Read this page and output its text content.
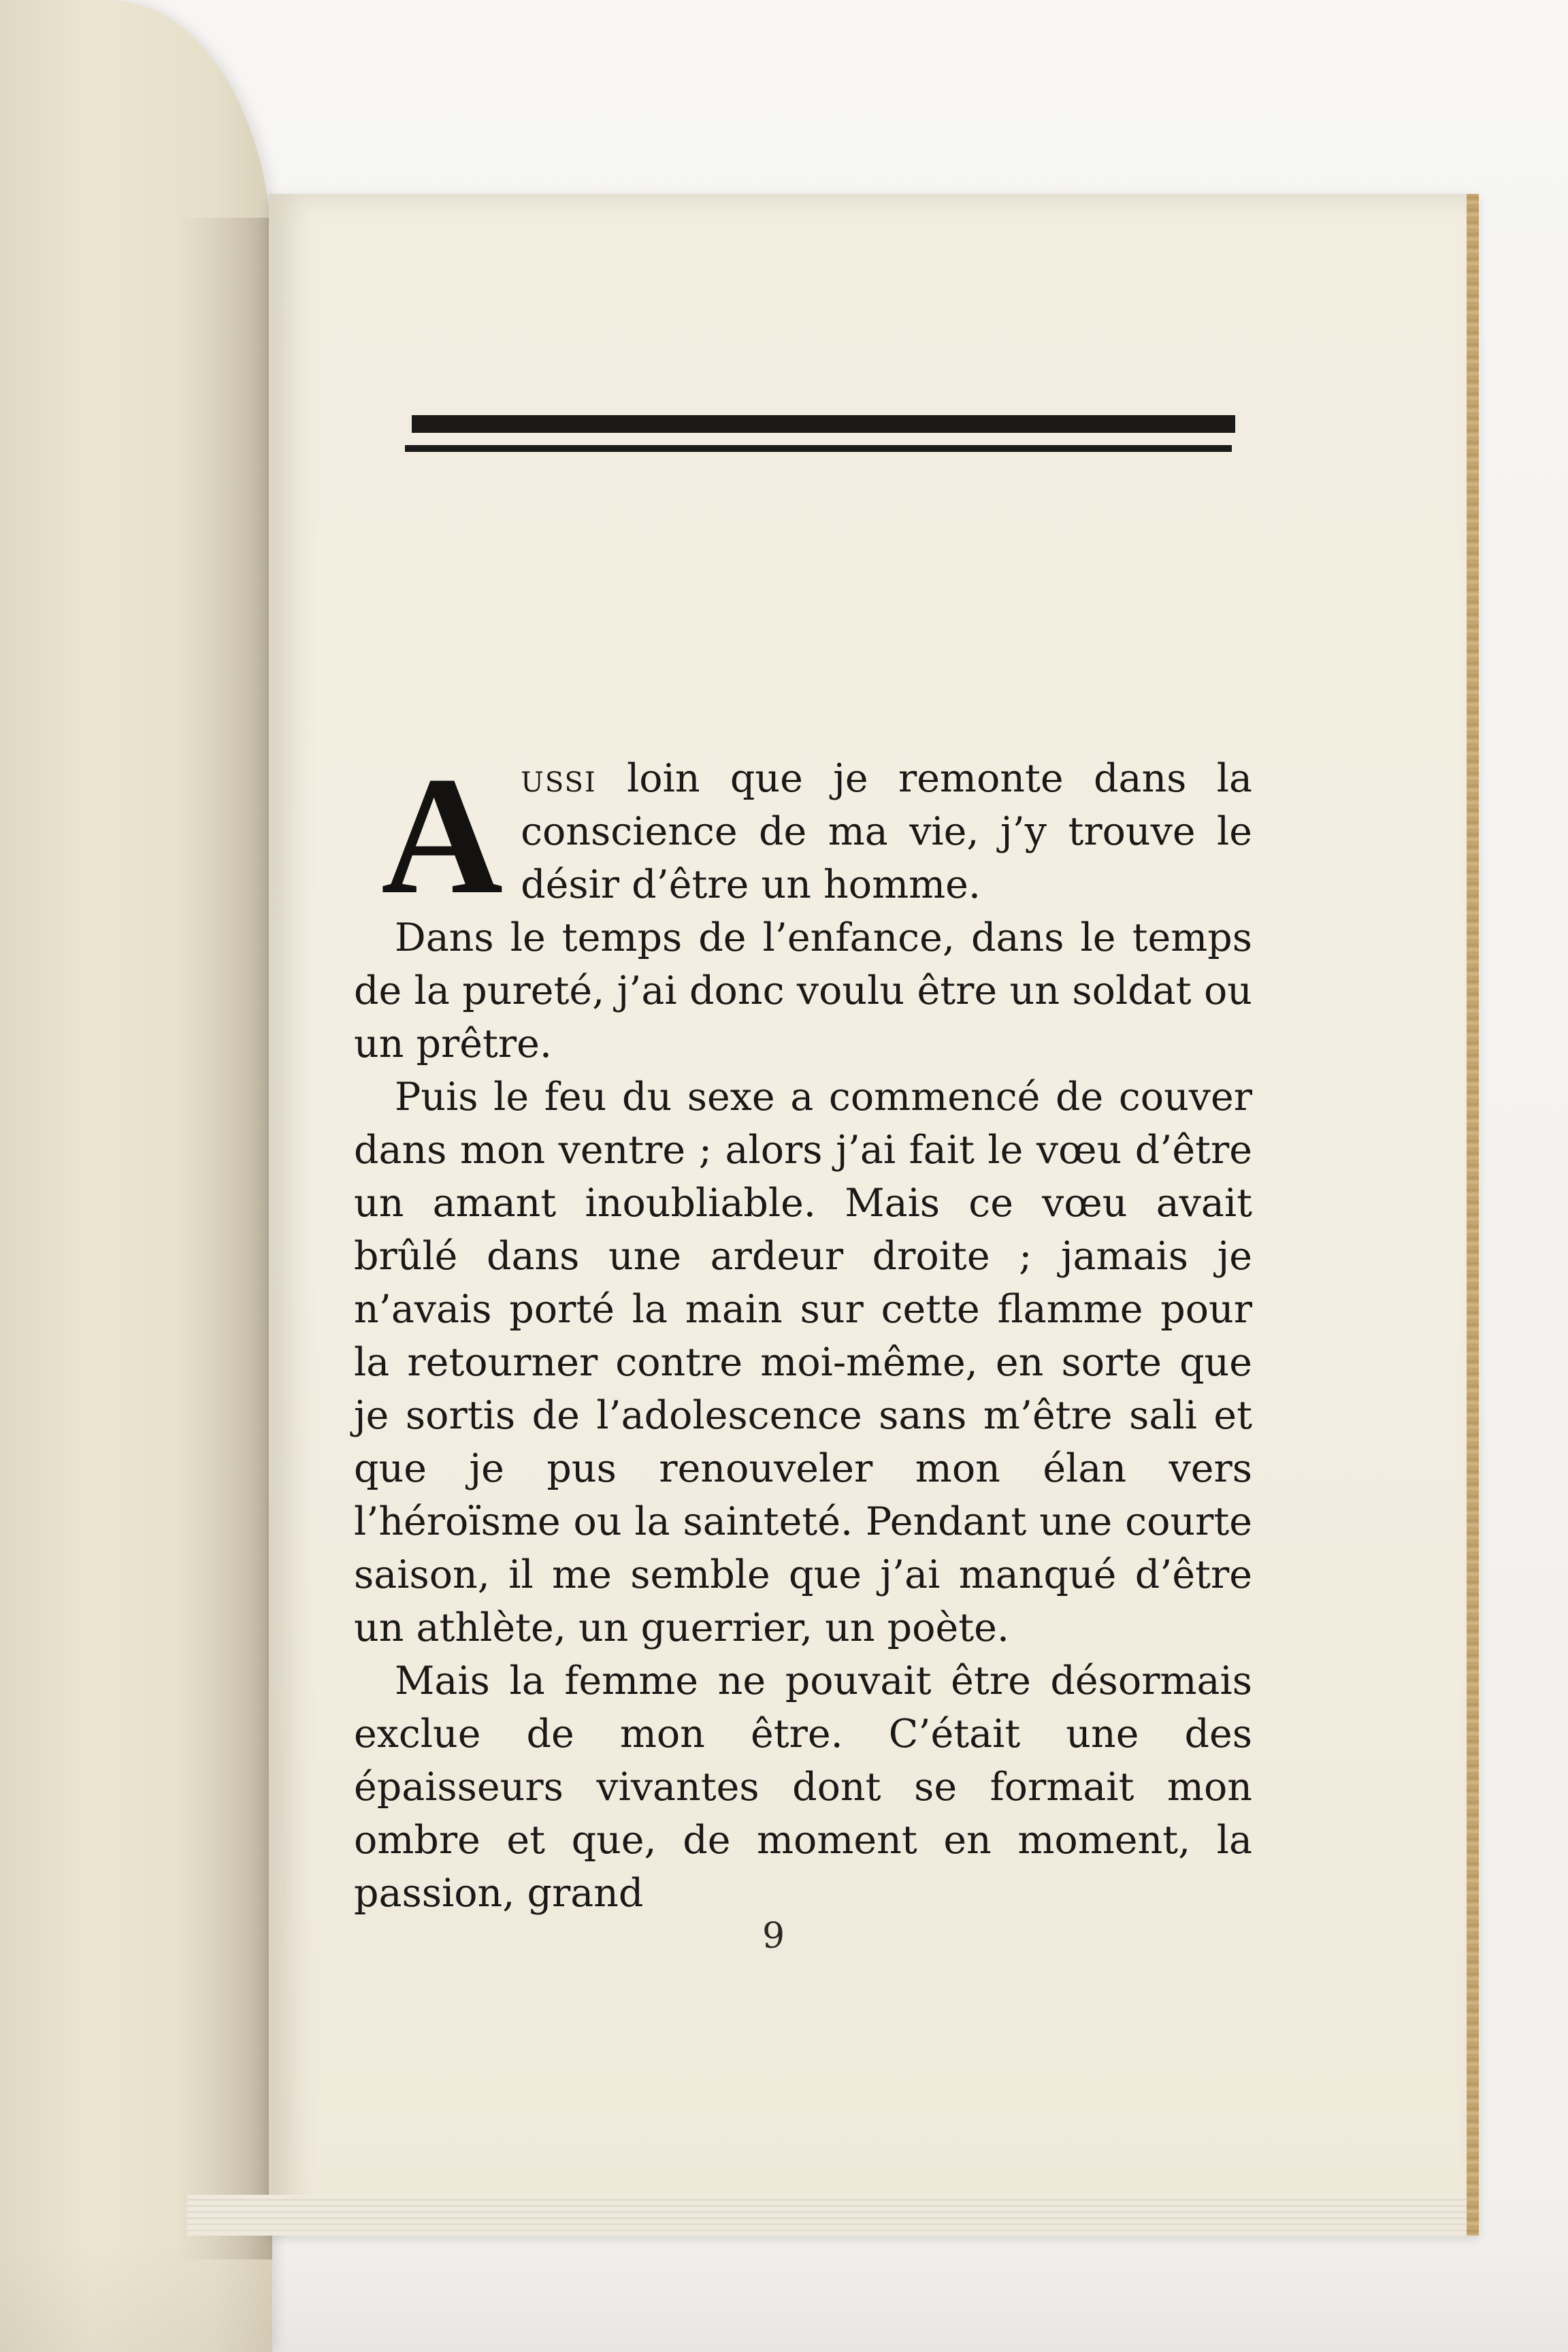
Aussi loin que je remonte dans la conscience de ma vie, j’y trouve le désir d’être un homme.

Dans le temps de l’enfance, dans le temps de la pureté, j’ai donc voulu être un soldat ou un prêtre.

Puis le feu du sexe a commencé de couver dans mon ventre ; alors j’ai fait le vœu d’être un amant inoubliable. Mais ce vœu avait brûlé dans une ardeur droite ; jamais je n’avais porté la main sur cette flamme pour la retourner contre moi-même, en sorte que je sortis de l’adolescence sans m’être sali et que je pus renouveler mon élan vers l’héroïsme ou la sainteté. Pendant une courte saison, il me semble que j’ai manqué d’être un athlète, un guerrier, un poète.

Mais la femme ne pouvait être désormais exclue de mon être. C’était une des épaisseurs vivantes dont se formait mon ombre et que, de moment en moment, la passion, grand

9
